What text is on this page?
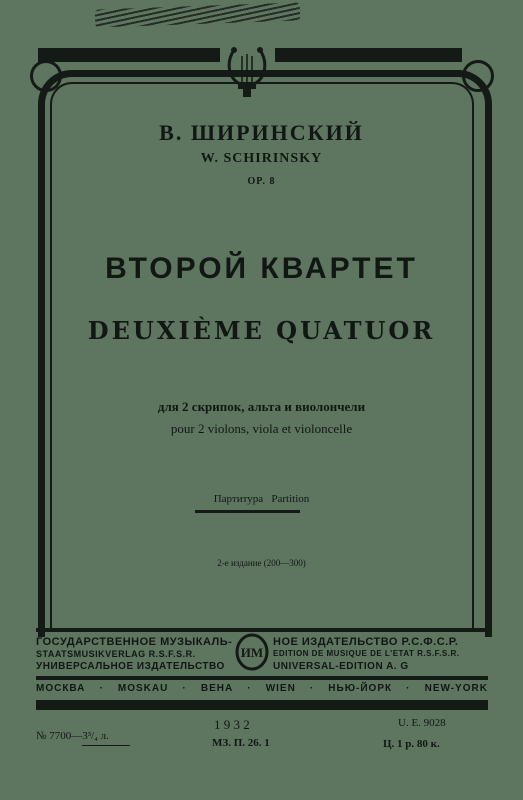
В. ШИРИНСКИЙ
W. SCHIRINSKY
OP. 8
ВТОРОЙ КВАРТЕТ
DEUXIÈME QUATUOR
для 2 скрипок, альта и виолончели
pour 2 violons, viola et violoncelle
Партитура   Partition
2-е издание (200—300)
ГОСУДАРСТВЕННОЕ МУЗЫКАЛЬ-	НОЕ ИЗДАТЕЛЬСТВО Р.С.Ф.С.Р.
STAATSMUSIKVERLAG R.S.F.S.R.	EDITION DE MUSIQUE DE L'ETAT R.S.F.S.R.
УНИВЕРСАЛЬНОЕ ИЗДАТЕЛЬСТВО	UNIVERSAL-EDITION A. G
ИМ
МОСКВА · MOSKAU · ВЕНА · WIEN · НЬЮ-ЙОРК · NEW-YORK
№ 7700—3³/₄ л.
1 9 3 2
МЗ. П. 26. 1
U. E. 9028
Ц. 1 р. 80 к.
